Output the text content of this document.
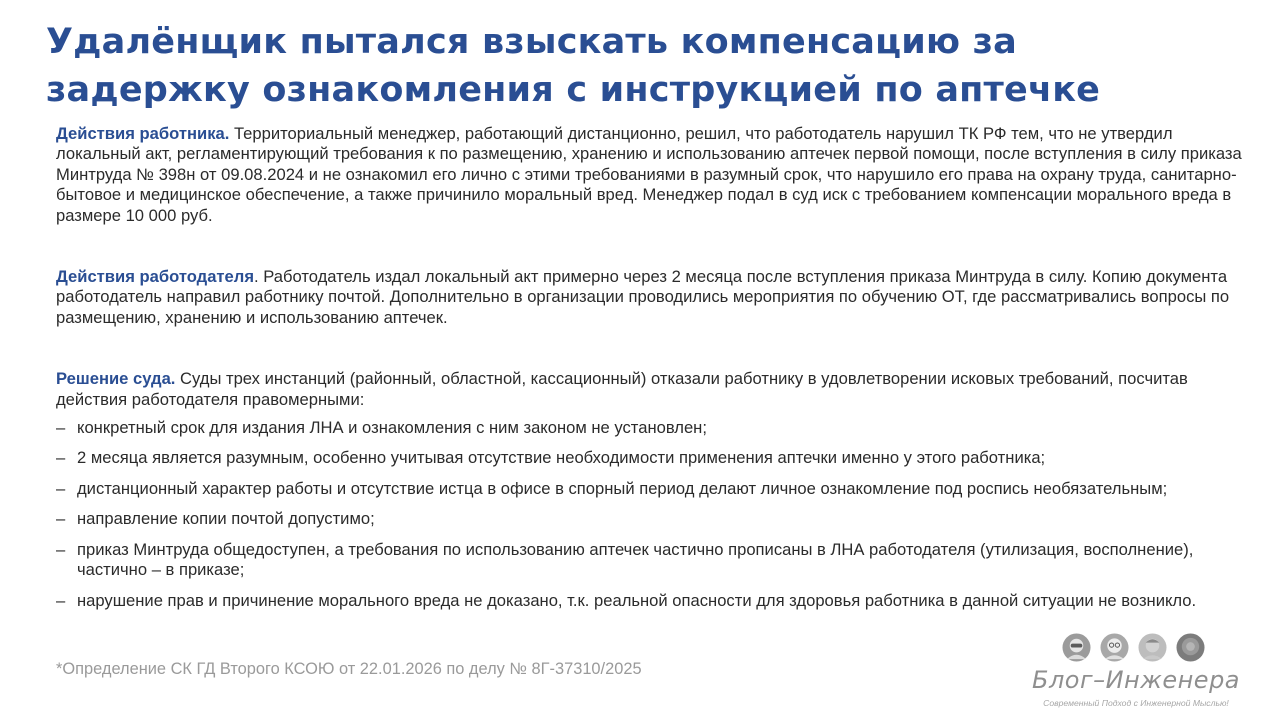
Удалёнщик пытался взыскать компенсацию за
задержку ознакомления с инструкцией по аптечке

Действия работника. Территориальный менеджер, работающий дистанционно, решил, что работодатель нарушил ТК РФ тем, что не утвердил локальный акт, регламентирующий требования к по размещению, хранению и использованию аптечек первой помощи, после вступления в силу приказа Минтруда № 398н от 09.08.2024 и не ознакомил его лично с этими требованиями в разумный срок, что нарушило его права на охрану труда, санитарно-бытовое и медицинское обеспечение, а также причинило моральный вред. Менеджер подал в суд иск с требованием компенсации морального вреда в размере 10 000 руб.

Действия работодателя. Работодатель издал локальный акт примерно через 2 месяца после вступления приказа Минтруда в силу. Копию документа работодатель направил работнику почтой. Дополнительно в организации проводились мероприятия по обучению ОТ, где рассматривались вопросы по размещению, хранению и использованию аптечек.

Решение суда. Суды трех инстанций (районный, областной, кассационный) отказали работнику в удовлетворении исковых требований, посчитав действия работодателя правомерными:

– конкретный срок для издания ЛНА и ознакомления с ним законом не установлен;
– 2 месяца является разумным, особенно учитывая отсутствие необходимости применения аптечки именно у этого работника;
– дистанционный характер работы и отсутствие истца в офисе в спорный период делают личное ознакомление под роспись необязательным;
– направление копии почтой допустимо;
– приказ Минтруда общедоступен, а требования по использованию аптечек частично прописаны в ЛНА работодателя (утилизация, восполнение), частично – в приказе;
– нарушение прав и причинение морального вреда не доказано, т.к. реальной опасности для здоровья работника в данной ситуации не возникло.
*Определение СК ГД Второго КСОЮ от 22.01.2026 по делу № 8Г-37310/2025	Блог–Инженера
Современный Подход с Инженерной Мыслью!
